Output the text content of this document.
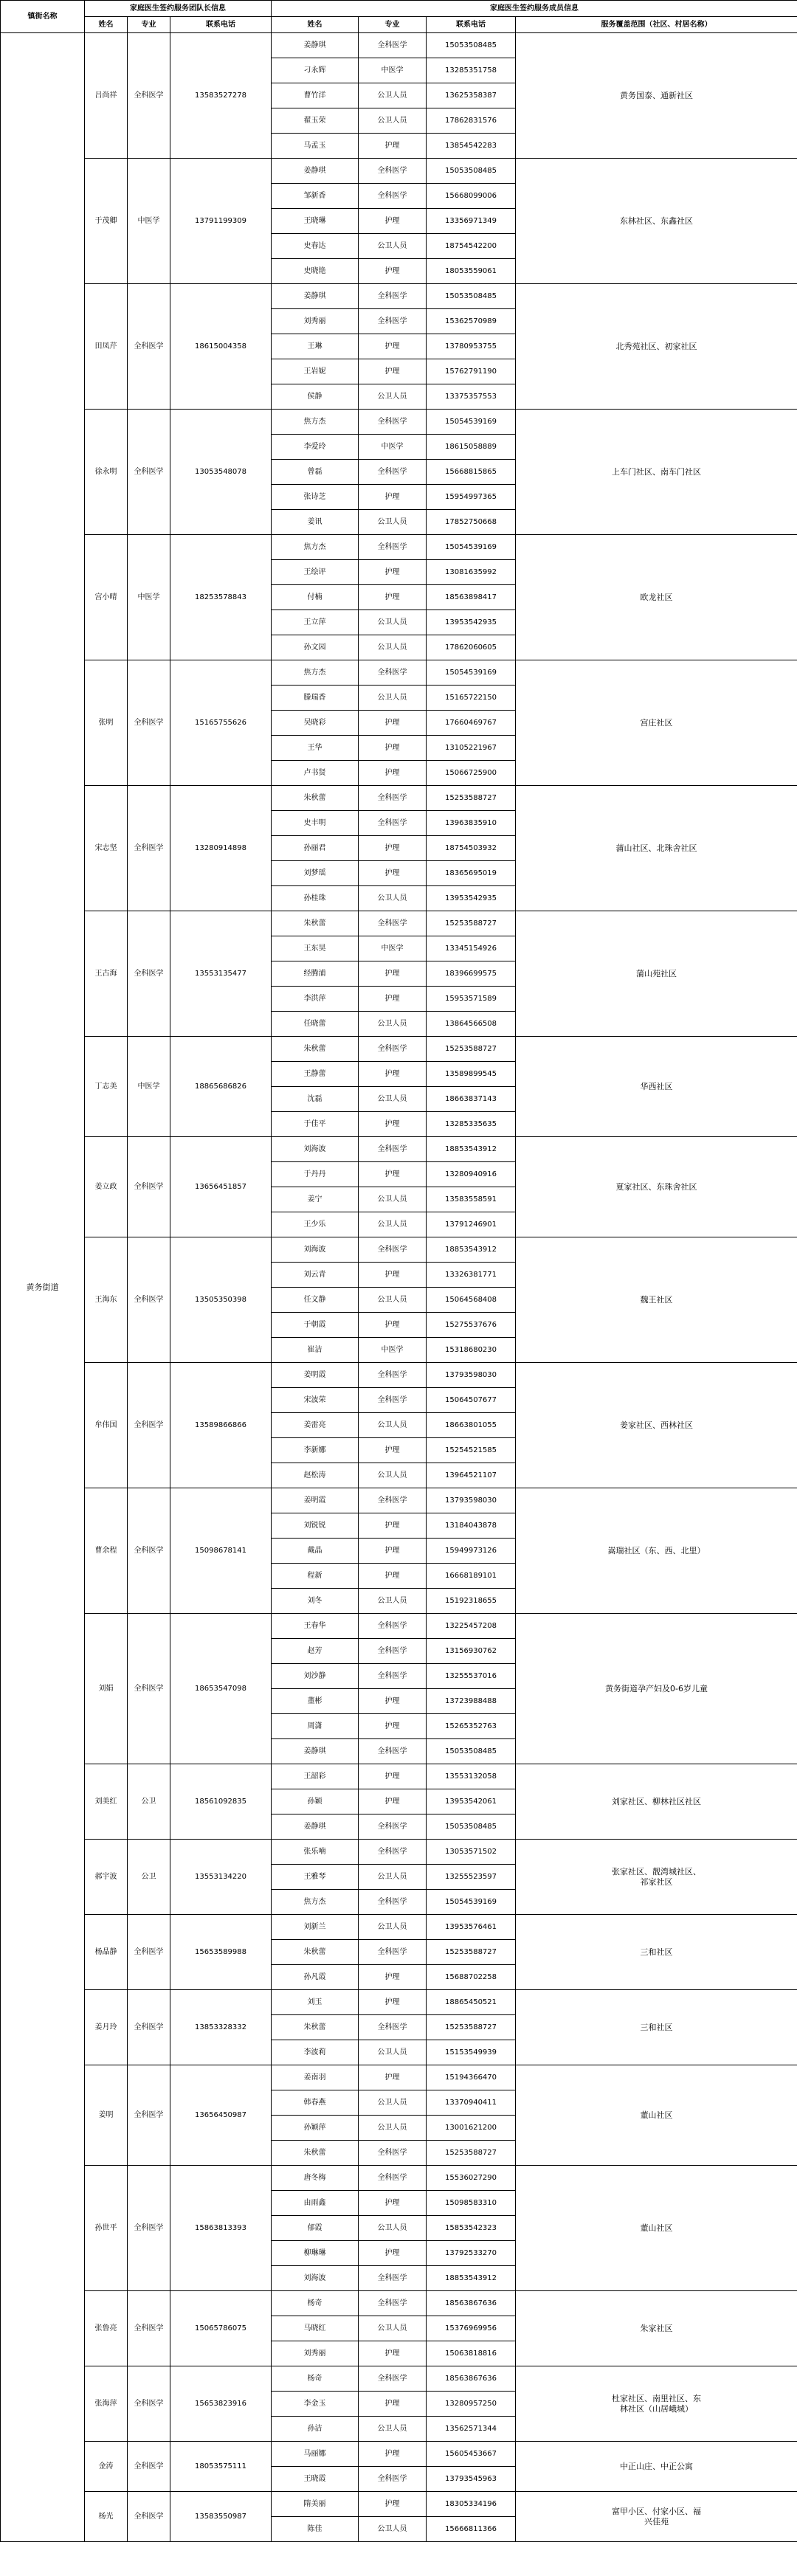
镇街名称	家庭医生签约服务团队长信息			家庭医生签约服务成员信息			
	姓名	专业	联系电话	姓名	专业	联系电话	服务覆盖范围（社区、村居名称）
黄务街道	吕尚祥	全科医学	13583527278	姜静琪	全科医学	15053508485	黄务国泰、通新社区
				刁永辉	中医学	13285351758	
				曹竹洋	公卫人员	13625358387	
				翟玉荣	公卫人员	17862831576	
				马孟玉	护理	13854542283	
	于茂卿	中医学	13791199309	姜静琪	全科医学	15053508485	东林社区、东鑫社区
				邹新香	全科医学	15668099006	
				王晓琳	护理	13356971349	
				史春达	公卫人员	18754542200	
				史晓艳	护理	18053559061	
	田凤芹	全科医学	18615004358	姜静琪	全科医学	15053508485	北秀苑社区、初家社区
				刘秀丽	全科医学	15362570989	
				王琳	护理	13780953755	
				王岩妮	护理	15762791190	
				侯静	公卫人员	13375357553	
	徐永明	全科医学	13053548078	焦方杰	全科医学	15054539169	上车门社区、南车门社区
				李爱玲	中医学	18615058889	
				曾磊	全科医学	15668815865	
				张诗芝	护理	15954997365	
				姜讯	公卫人员	17852750668	
	宫小晴	中医学	18253578843	焦方杰	全科医学	15054539169	欧龙社区
				王绘评	护理	13081635992	
				付楠	护理	18563898417	
				王立萍	公卫人员	13953542935	
				孙文园	公卫人员	17862060605	
	张明	全科医学	15165755626	焦方杰	全科医学	15054539169	宫庄社区
				滕瑞香	公卫人员	15165722150	
				吴晓彩	护理	17660469767	
				王华	护理	13105221967	
				卢书贤	护理	15066725900	
	宋志坚	全科医学	13280914898	朱秋蕾	全科医学	15253588727	蒲山社区、北珠舍社区
				史丰明	全科医学	13963835910	
				孙丽君	护理	18754503932	
				刘梦瑶	护理	18365695019	
				孙桂珠	公卫人员	13953542935	
	王古海	全科医学	13553135477	朱秋蕾	全科医学	15253588727	蒲山苑社区
				王东昊	中医学	13345154926	
				经腾浦	护理	18396699575	
				李洪萍	护理	15953571589	
				任晓蕾	公卫人员	13864566508	
	丁志美	中医学	18865686826	朱秋蕾	全科医学	15253588727	华西社区
				王静蕾	护理	13589899545	
				沈磊	公卫人员	18663837143	
				于佳平	护理	13285335635	
	姜立政	全科医学	13656451857	刘海波	全科医学	18853543912	夏家社区、东珠舍社区
				于丹丹	护理	13280940916	
				姜宁	公卫人员	13583558591	
				王少乐	公卫人员	13791246901	
	王海东	全科医学	13505350398	刘海波	全科医学	18853543912	魏王社区
				刘云青	护理	13326381771	
				任文静	公卫人员	15064568408	
				于朝霞	护理	15275537676	
				崔洁	中医学	15318680230	
	牟伟国	全科医学	13589866866	姜明霞	全科医学	13793598030	姜家社区、西林社区
				宋波荣	全科医学	15064507677	
				姜雷亮	公卫人员	18663801055	
				李新娜	护理	15254521585	
				赵松涛	公卫人员	13964521107	
	曹余程	全科医学	15098678141	姜明霞	全科医学	13793598030	嵩瑞社区（东、西、北里）
				刘锐锐	护理	13184043878	
				戴晶	护理	15949973126	
				程新	护理	16668189101	
				刘冬	公卫人员	15192318655	
	刘娟	全科医学	18653547098	王春华	全科医学	13225457208	黄务街道孕产妇及0-6岁儿童
				赵芳	全科医学	13156930762	
				刘沙静	全科医学	13255537016	
				董彬	护理	13723988488	
				周潇	护理	15265352763	
				姜静琪	全科医学	15053508485	
	刘美红	公卫	18561092835	王韶彩	护理	13553132058	刘家社区、柳林社区社区
				孙颖	护理	13953542061	
				姜静琪	全科医学	15053508485	
	郝宇波	公卫	13553134220	张乐喃	全科医学	13053571502	张家社区、靓湾城社区、
祁家社区
				王雅琴	公卫人员	13255523597	
				焦方杰	全科医学	15054539169	
	杨晶静	全科医学	15653589988	刘新兰	公卫人员	13953576461	三和社区
				朱秋蕾	全科医学	15253588727	
				孙凡霞	护理	15688702258	
	姜月玲	全科医学	13853328332	刘玉	护理	18865450521	三和社区
				朱秋蕾	全科医学	15253588727	
				李波莉	公卫人员	15153549939	
	姜明	全科医学	13656450987	姜南羽	护理	15194366470	董山社区
				韩春燕	公卫人员	13370940411	
				孙颖萍	公卫人员	13001621200	
				朱秋蕾	全科医学	15253588727	
	孙世平	全科医学	15863813393	唐冬梅	全科医学	15536027290	董山社区
				由雨鑫	护理	15098583310	
				郁霞	公卫人员	15853542323	
				柳琳琳	护理	13792533270	
				刘海波	全科医学	18853543912	
	张鲁亮	全科医学	15065786075	杨奇	全科医学	18563867636	朱家社区
				马晓红	公卫人员	15376969956	
				刘秀丽	护理	15063818816	
	张海萍	全科医学	15653823916	杨奇	全科医学	18563867636	杜家社区、南里社区、东
林社区（山居峨城）
				李金玉	护理	13280957250	
				孙洁	公卫人员	13562571344	
	金涛	全科医学	18053575111	马丽娜	护理	15605453667	中正山庄、中正公寓
				王晓霞	全科医学	13793545963	
	杨光	全科医学	13583550987	隋美丽	护理	18305334196	富甲小区、付家小区、福
兴佳苑
				陈佳	公卫人员	15666811366	
